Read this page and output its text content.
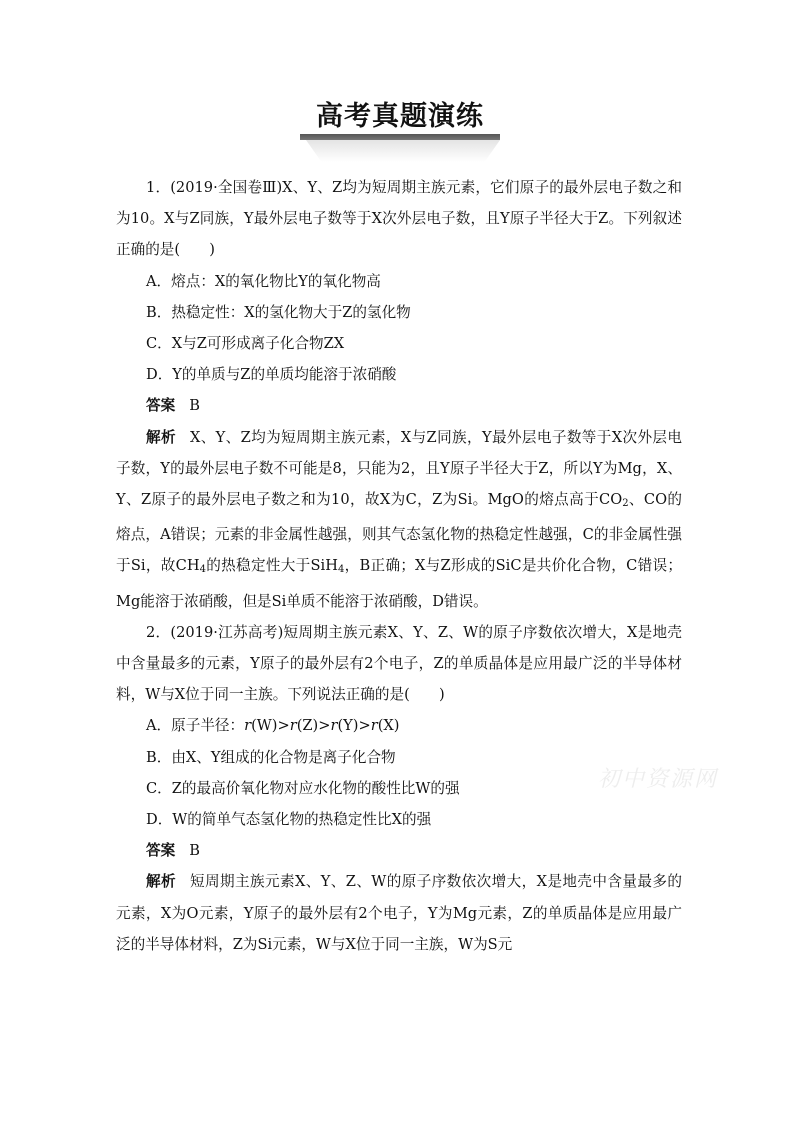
高考真题演练
初中资源网

1．(2019·全国卷Ⅲ)X、Y、Z均为短周期主族元素，它们原子的最外层电子数之和为10。X与Z同族，Y最外层电子数等于X次外层电子数，且Y原子半径大于Z。下列叙述正确的是(　　)

A．熔点：X的氧化物比Y的氧化物高

B．热稳定性：X的氢化物大于Z的氢化物

C．X与Z可形成离子化合物ZX

D．Y的单质与Z的单质均能溶于浓硝酸

答案 B

解析 X、Y、Z均为短周期主族元素，X与Z同族，Y最外层电子数等于X次外层电子数，Y的最外层电子数不可能是8，只能为2，且Y原子半径大于Z，所以Y为Mg，X、Y、Z原子的最外层电子数之和为10，故X为C，Z为Si。MgO的熔点高于$CO_2$、CO的熔点，A错误；元素的非金属性越强，则其气态氢化物的热稳定性越强，C的非金属性强于Si，故$CH_4$的热稳定性大于SiH$_4$，B正确；X与Z形成的SiC是共价化合物，C错误；Mg能溶于浓硝酸，但是Si单质不能溶于浓硝酸，D错误。

2．(2019·江苏高考)短周期主族元素X、Y、Z、W的原子序数依次增大，X是地壳中含量最多的元素，Y原子的最外层有2个电子，Z的单质晶体是应用最广泛的半导体材料，W与X位于同一主族。下列说法正确的是(　　)

A．原子半径：r(W)>r(Z)>r(Y)>r(X)

B．由X、Y组成的化合物是离子化合物

C．Z的最高价氧化物对应水化物的酸性比W的强

D．W的简单气态氢化物的热稳定性比X的强

答案 B

解析 短周期主族元素X、Y、Z、W的原子序数依次增大，X是地壳中含量最多的元素，X为O元素，Y原子的最外层有2个电子，Y为Mg元素，Z的单质晶体是应用最广泛的半导体材料，Z为Si元素，W与X位于同一主族，W为S元
